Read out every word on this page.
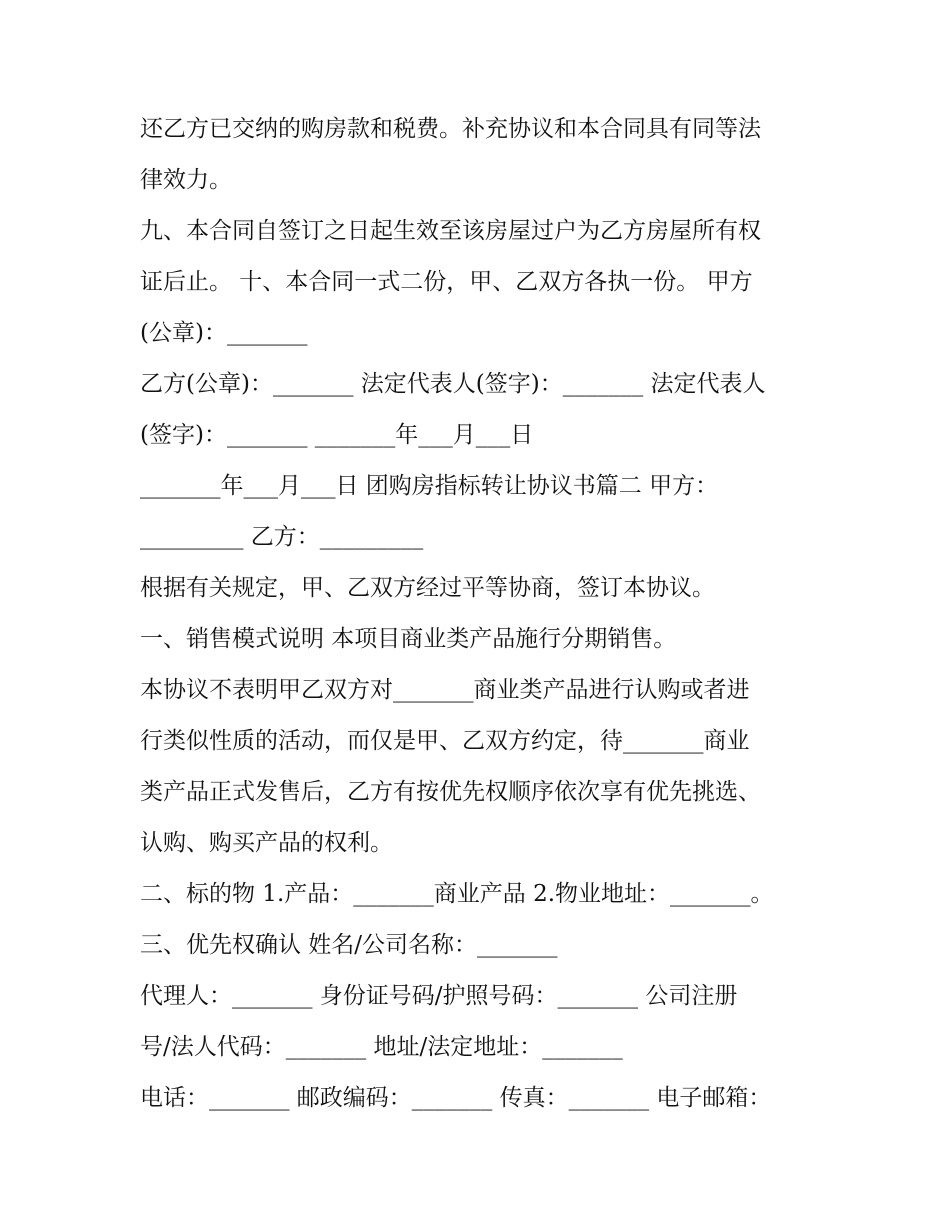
还乙方已交纳的购房款和税费。补充协议和本合同具有同等法
律效力。
九、本合同自签订之日起生效至该房屋过户为乙方房屋所有权
证后止。 十、本合同一式二份，甲、乙双方各执一份。 甲方
(公章)：_______
乙方(公章)：_______ 法定代表人(签字)：_______ 法定代表人
(签字)：_______ _______年___月___日
_______年___月___日 团购房指标转让协议书篇二 甲方：
_________ 乙方：_________
根据有关规定，甲、乙双方经过平等协商，签订本协议。
一、销售模式说明 本项目商业类产品施行分期销售。
本协议不表明甲乙双方对_______商业类产品进行认购或者进
行类似性质的活动，而仅是甲、乙双方约定，待_______商业
类产品正式发售后，乙方有按优先权顺序依次享有优先挑选、
认购、购买产品的权利。
二、标的物 1.产品：_______商业产品 2.物业地址：_______。
三、优先权确认 姓名/公司名称：_______
代理人：_______ 身份证号码/护照号码：_______ 公司注册
号/法人代码：_______ 地址/法定地址：_______
电话：_______ 邮政编码：_______ 传真：_______ 电子邮箱：
